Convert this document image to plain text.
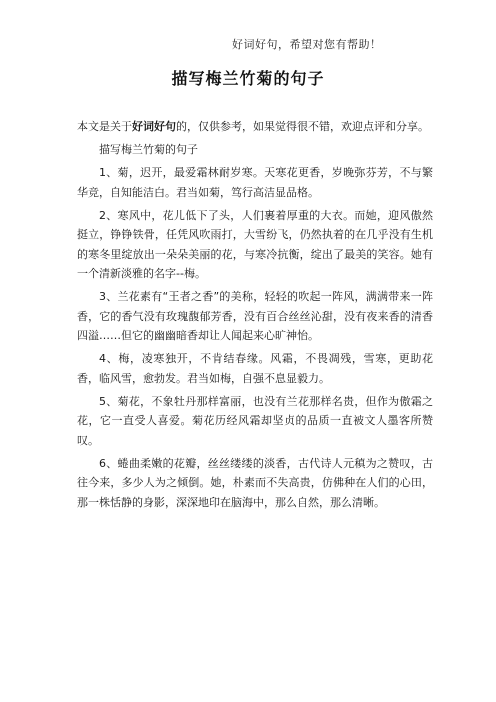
好词好句，希望对您有帮助！
描写梅兰竹菊的句子

本文是关于好词好句的，仅供参考，如果觉得很不错，欢迎点评和分享。

描写梅兰竹菊的句子

1、菊，迟开，最爱霜林耐岁寒。天寒花更香，岁晚弥芬芳，不与繁华竞，自知能洁白。君当如菊，笃行高洁显品格。

2、寒风中，花儿低下了头，人们裹着厚重的大衣。而她，迎风傲然挺立，铮铮铁骨，任凭风吹雨打，大雪纷飞，仍然执着的在几乎没有生机的寒冬里绽放出一朵朵美丽的花，与寒冷抗衡，绽出了最美的笑容。她有一个清新淡雅的名字--梅。

3、兰花素有“王者之香”的美称，轻轻的吹起一阵风，满满带来一阵香，它的香气没有玫瑰馥郁芳香，没有百合丝丝沁甜，没有夜来香的清香四溢……但它的幽幽暗香却让人闻起来心旷神怡。

4、梅，凌寒独开，不肯结春缘。风霜，不畏凋残，雪寒，更助花香，临风雪，愈勃发。君当如梅，自强不息显毅力。

5、菊花，不象牡丹那样富丽，也没有兰花那样名贵，但作为傲霜之花，它一直受人喜爱。菊花历经风霜却坚贞的品质一直被文人墨客所赞叹。

6、蜷曲柔嫩的花瓣，丝丝缕缕的淡香，古代诗人元稹为之赞叹，古往今来，多少人为之倾倒。她，朴素而不失高贵，仿佛种在人们的心田，那一株恬静的身影，深深地印在脑海中，那么自然，那么清晰。
